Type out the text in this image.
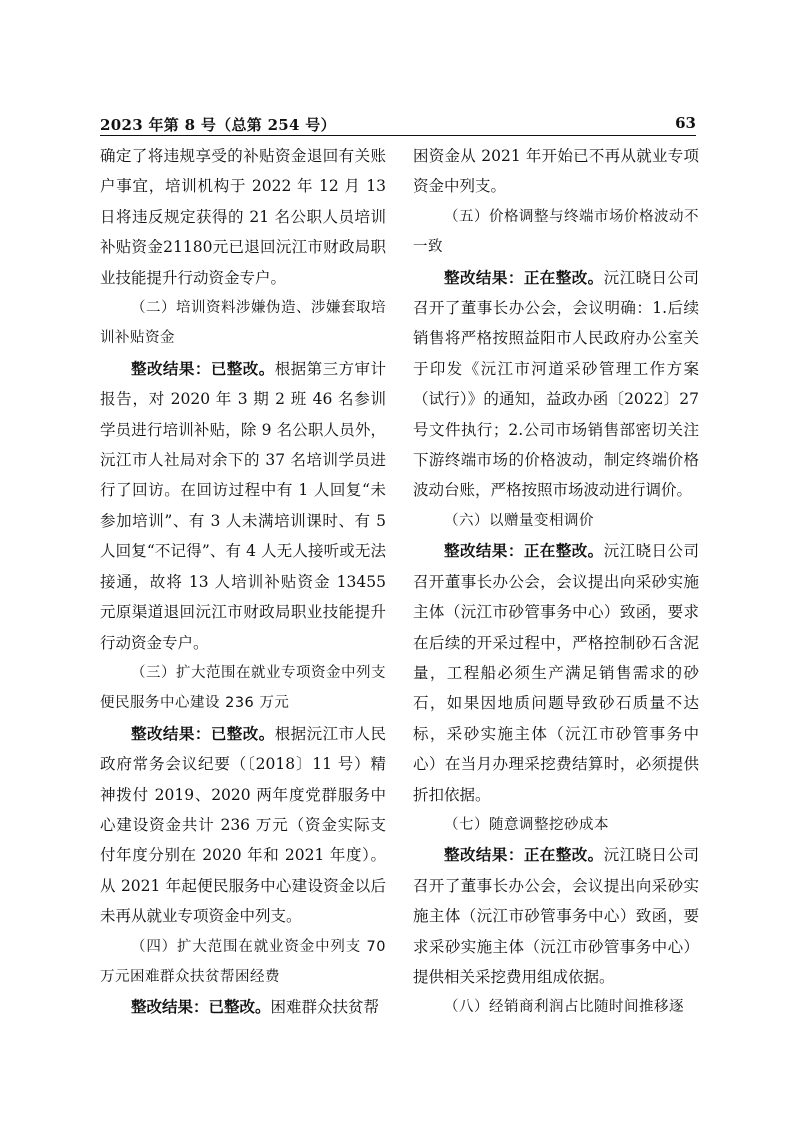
2023 年第 8 号（总第 254 号）	63

确定了将违规享受的补贴资金退回有关账户事宜，培训机构于 2022 年 12 月 13 日将违反规定获得的 21 名公职人员培训补贴资金21180元已退回沅江市财政局职业技能提升行动资金专户。

（二）培训资料涉嫌伪造、涉嫌套取培训补贴资金

整改结果：已整改。根据第三方审计报告，对 2020 年 3 期 2 班 46 名参训学员进行培训补贴，除 9 名公职人员外，沅江市人社局对余下的 37 名培训学员进行了回访。在回访过程中有 1 人回复“未参加培训”、有 3 人未满培训课时、有 5 人回复“不记得”、有 4 人无人接听或无法接通，故将 13 人培训补贴资金 13455 元原渠道退回沅江市财政局职业技能提升行动资金专户。

（三）扩大范围在就业专项资金中列支便民服务中心建设 236 万元

整改结果：已整改。根据沅江市人民政府常务会议纪要（〔2018〕11 号）精神拨付 2019、2020 两年度党群服务中心建设资金共计 236 万元（资金实际支付年度分别在 2020 年和 2021 年度）。从 2021 年起便民服务中心建设资金以后未再从就业专项资金中列支。

（四）扩大范围在就业资金中列支 70 万元困难群众扶贫帮困经费

整改结果：已整改。困难群众扶贫帮

困资金从 2021 年开始已不再从就业专项资金中列支。

（五）价格调整与终端市场价格波动不一致

整改结果：正在整改。沅江晓日公司召开了董事长办公会，会议明确：1.后续销售将严格按照益阳市人民政府办公室关于印发《沅江市河道采砂管理工作方案（试行）》的通知，益政办函〔2022〕27 号文件执行；2.公司市场销售部密切关注下游终端市场的价格波动，制定终端价格波动台账，严格按照市场波动进行调价。

（六）以赠量变相调价

整改结果：正在整改。沅江晓日公司召开董事长办公会，会议提出向采砂实施主体（沅江市砂管事务中心）致函，要求在后续的开采过程中，严格控制砂石含泥量，工程船必须生产满足销售需求的砂石，如果因地质问题导致砂石质量不达标，采砂实施主体（沅江市砂管事务中心）在当月办理采挖费结算时，必须提供折扣依据。

（七）随意调整挖砂成本

整改结果：正在整改。沅江晓日公司召开了董事长办公会，会议提出向采砂实施主体（沅江市砂管事务中心）致函，要求采砂实施主体（沅江市砂管事务中心）提供相关采挖费用组成依据。

（八）经销商利润占比随时间推移逐
